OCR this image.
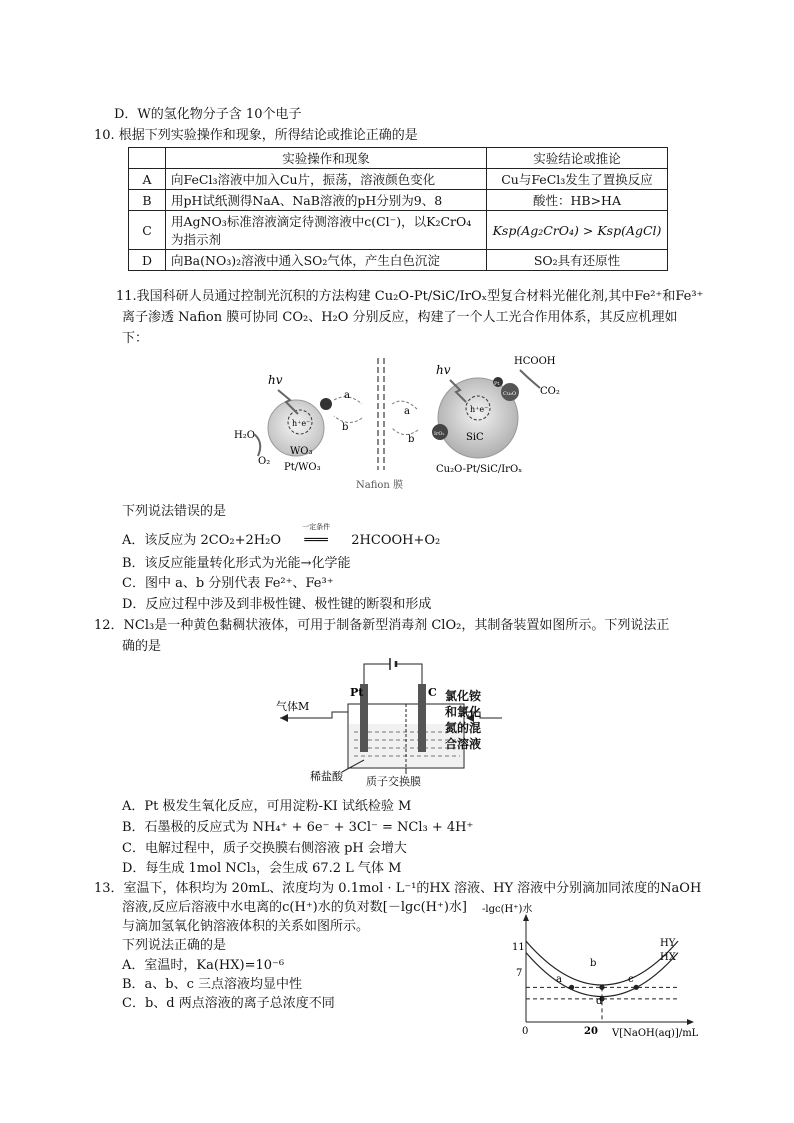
D．W的氢化物分子含 10个电子
10. 根据下列实验操作和现象，所得结论或推论正确的是
	实验操作和现象	实验结论或推论
A	向FeCl₃溶液中加入Cu片，振荡，溶液颜色变化	Cu与FeCl₃发生了置换反应
B	用pH试纸测得NaA、NaB溶液的pH分别为9、8	酸性：HB>HA
C	用AgNO₃标准溶液滴定待测溶液中c(Cl⁻)，以K₂CrO₄
为指示剂	Ksp(Ag₂CrO₄) > Ksp(AgCl)
D	向Ba(NO₃)₂溶液中通入SO₂气体，产生白色沉淀	SO₂具有还原性
11.我国科研人员通过控制光沉积的方法构建 Cu₂O-Pt/SiC/IrOₓ型复合材料光催化剂,其中Fe²⁺和Fe³⁺
离子渗透 Nafion 膜可协同 CO₂、H₂O 分别反应，构建了一个人工光合作用体系，其反应机理如
下：
h⁺e⁻
WO₃
Pt/WO₃
hv
H₂O
O₂
a
b
Nafion 膜
a
b
h⁺e⁻
SiC
IrOₓ
Cu₂O
Pt
hv
HCOOH
CO₂
Cu₂O-Pt/SiC/IrOₓ
下列说法错误的是
A．该反应为 2CO₂+2H₂O
一定条件
═══ 2HCOOH+O₂
B．该反应能量转化形式为光能→化学能
C．图中 a、b 分别代表 Fe²⁺、Fe³⁺
D．反应过程中涉及到非极性键、极性键的断裂和形成
12．NCl₃是一种黄色黏稠状液体，可用于制备新型消毒剂 ClO₂，其制备装置如图所示。下列说法正
确的是
Pt	C
气体M
稀盐酸
氯化铵
和氯化
氮的混
合溶液
质子交换膜
A．Pt 极发生氧化反应，可用淀粉-KI 试纸检验 M
B．石墨极的反应式为 NH₄⁺ + 6e⁻ + 3Cl⁻ = NCl₃ + 4H⁺
C．电解过程中，质子交换膜右侧溶液 pH 会增大
D．每生成 1mol NCl₃，会生成 67.2 L 气体 M
13．室温下，体积均为 20mL、浓度均为 0.1mol · L⁻¹的HX 溶液、HY 溶液中分别滴加同浓度的NaOH
溶液,反应后溶液中水电离的c(H⁺)水的负对数[－lgc(H⁺)水]
与滴加氢氧化钠溶液体积的关系如图所示。
下列说法正确的是
A．室温时，Ka(HX)=10⁻⁶
B．a、b、c 三点溶液均显中性
C．b、d 两点溶液的离子总浓度不同
-lgc(H⁺)水
V[NaOH(aq)]/mL
11
7
0	20
HY
HX
a
b
c
d
